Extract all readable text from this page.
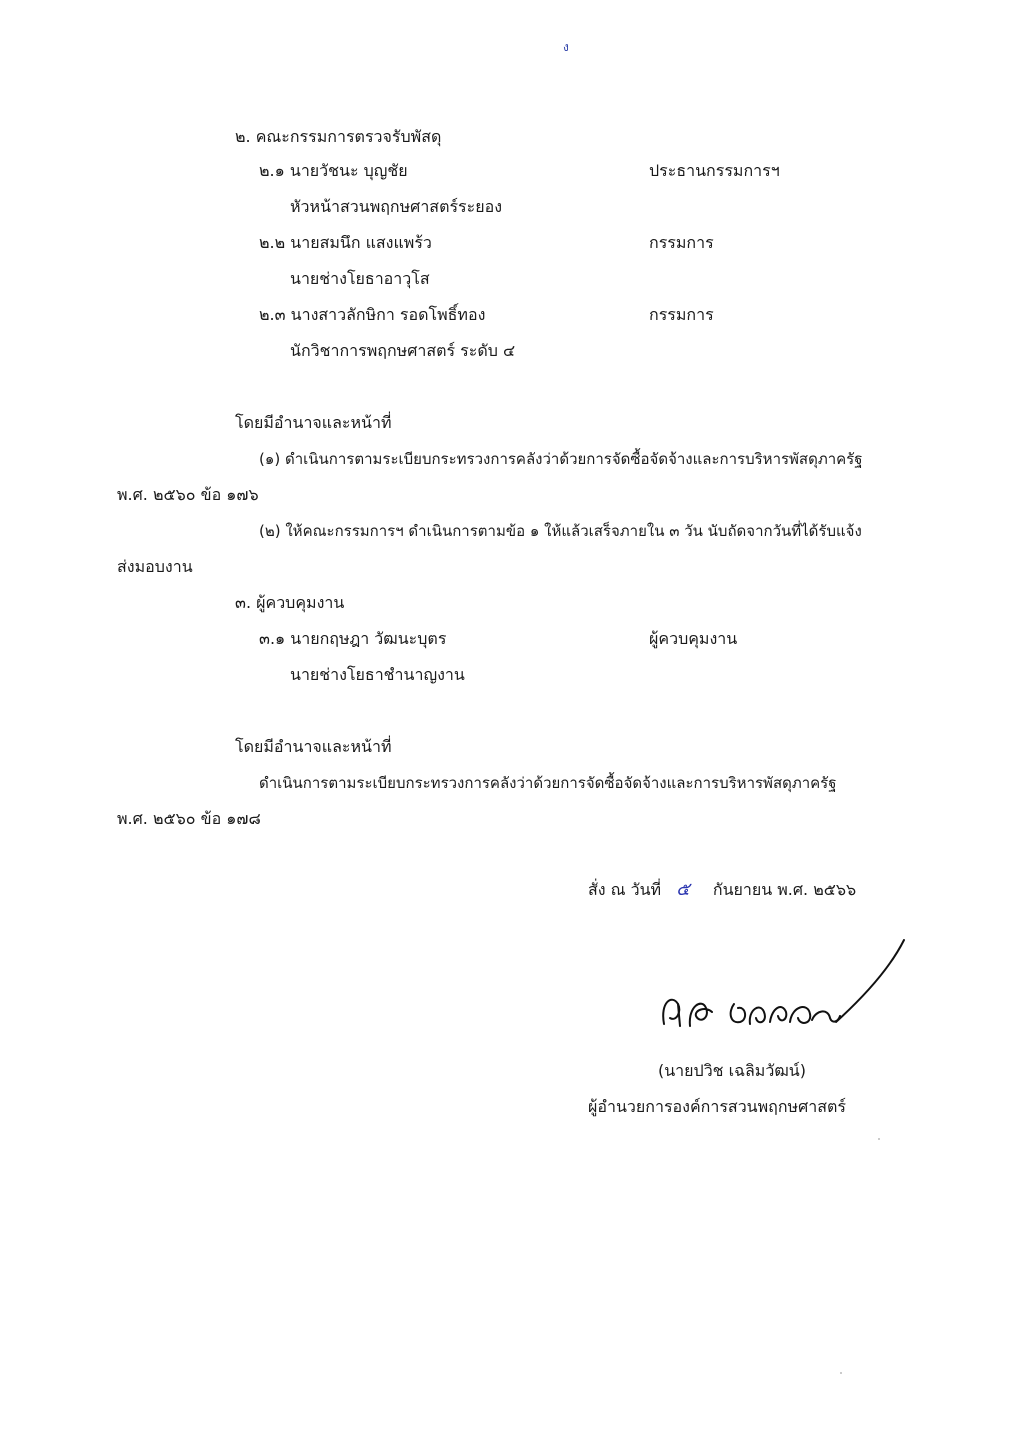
ง
๒. คณะกรรมการตรวจรับพัสดุ
๒.๑ นายวัชนะ บุญชัย	ประธานกรรมการฯ
หัวหน้าสวนพฤกษศาสตร์ระยอง
๒.๒ นายสมนึก แสงแพร้ว	กรรมการ
นายช่างโยธาอาวุโส
๒.๓ นางสาวลักษิกา รอดโพธิ์ทอง	กรรมการ
นักวิชาการพฤกษศาสตร์ ระดับ ๔
โดยมีอำนาจและหน้าที่
(๑) ดำเนินการตามระเบียบกระทรวงการคลังว่าด้วยการจัดซื้อจัดจ้างและการบริหารพัสดุภาครัฐ
พ.ศ. ๒๕๖๐ ข้อ ๑๗๖
(๒) ให้คณะกรรมการฯ ดำเนินการตามข้อ ๑ ให้แล้วเสร็จภายใน ๓ วัน นับถัดจากวันที่ได้รับแจ้ง
ส่งมอบงาน
๓. ผู้ควบคุมงาน
๓.๑ นายกฤษฎา วัฒนะบุตร	ผู้ควบคุมงาน
นายช่างโยธาชำนาญงาน
โดยมีอำนาจและหน้าที่
ดำเนินการตามระเบียบกระทรวงการคลังว่าด้วยการจัดซื้อจัดจ้างและการบริหารพัสดุภาครัฐ
พ.ศ. ๒๕๖๐ ข้อ ๑๗๘
สั่ง ณ วันที่ ๕ กันยายน พ.ศ. ๒๕๖๖
(นายปวิช เฉลิมวัฒน์)
ผู้อำนวยการองค์การสวนพฤกษศาสตร์
